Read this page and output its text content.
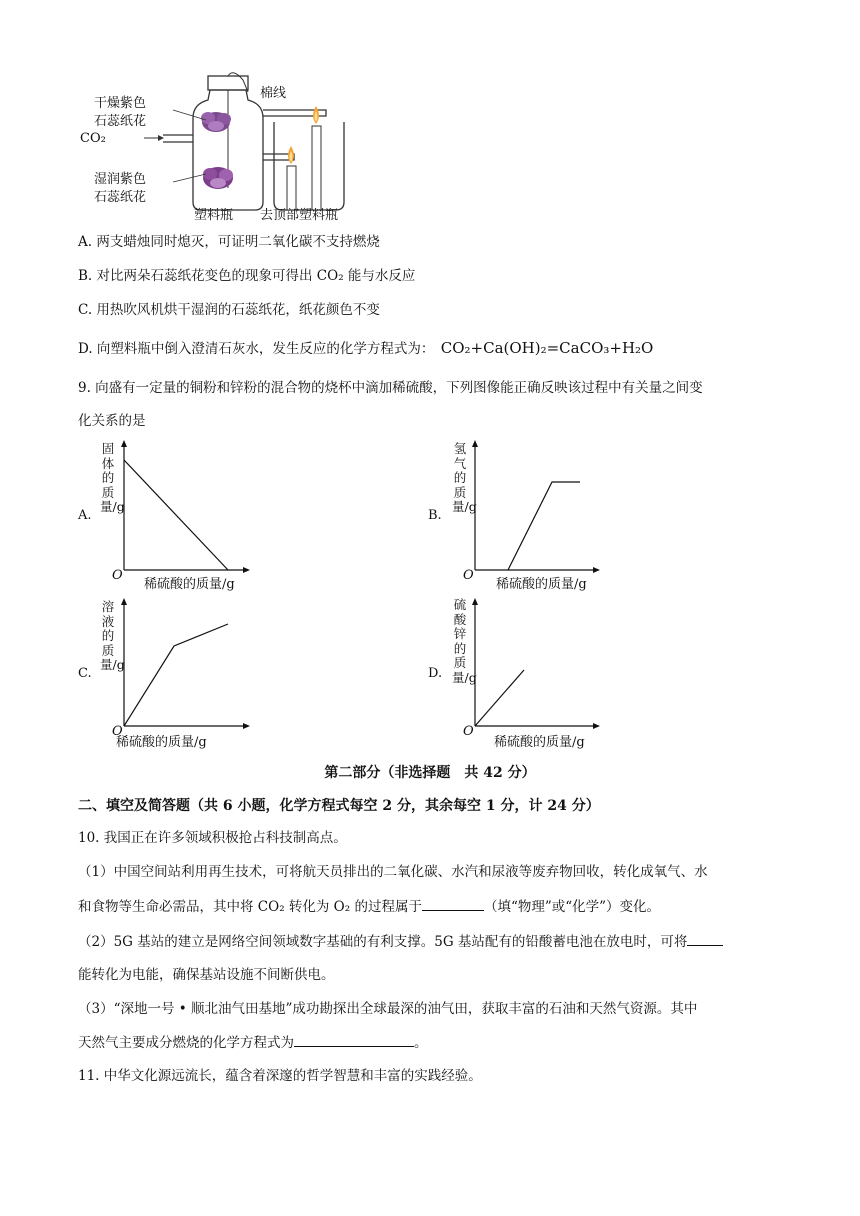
棉线
干燥紫色
石蕊纸花
CO₂
湿润紫色
石蕊纸花
塑料瓶 去顶部塑料瓶
A. 两支蜡烛同时熄灭，可证明二氧化碳不支持燃烧
B. 对比两朵石蕊纸花变色的现象可得出 CO₂ 能与水反应
C. 用热吹风机烘干湿润的石蕊纸花，纸花颜色不变
D. 向塑料瓶中倒入澄清石灰水，发生反应的化学方程式为： CO₂+Ca(OH)₂=CaCO₃+H₂O
9. 向盛有一定量的铜粉和锌粉的混合物的烧杯中滴加稀硫酸，下列图像能正确反映该过程中有关量之间变
化关系的是
A.
固体的质量/g
O
稀硫酸的质量/g
B.
氢气的质量/g
O
稀硫酸的质量/g
C.
溶液的质量/g
O
稀硫酸的质量/g
D.
硫酸锌的质量/g
O
稀硫酸的质量/g
第二部分（非选择题　共 42 分）
二、填空及简答题（共 6 小题，化学方程式每空 2 分，其余每空 1 分，计 24 分）
10. 我国正在许多领域积极抢占科技制高点。
（1）中国空间站利用再生技术，可将航天员排出的二氧化碳、水汽和尿液等废弃物回收，转化成氧气、水
和食物等生命必需品，其中将 CO₂ 转化为 O₂ 的过程属于	（填“物理”或“化学”）变化。
（2）5G 基站的建立是网络空间领域数字基础的有利支撑。5G 基站配有的铅酸蓄电池在放电时，可将
能转化为电能，确保基站设施不间断供电。
（3）“深地一号 • 顺北油气田基地”成功勘探出全球最深的油气田，获取丰富的石油和天然气资源。其中
天然气主要成分燃烧的化学方程式为	。
11. 中华文化源远流长，蕴含着深邃的哲学智慧和丰富的实践经验。
